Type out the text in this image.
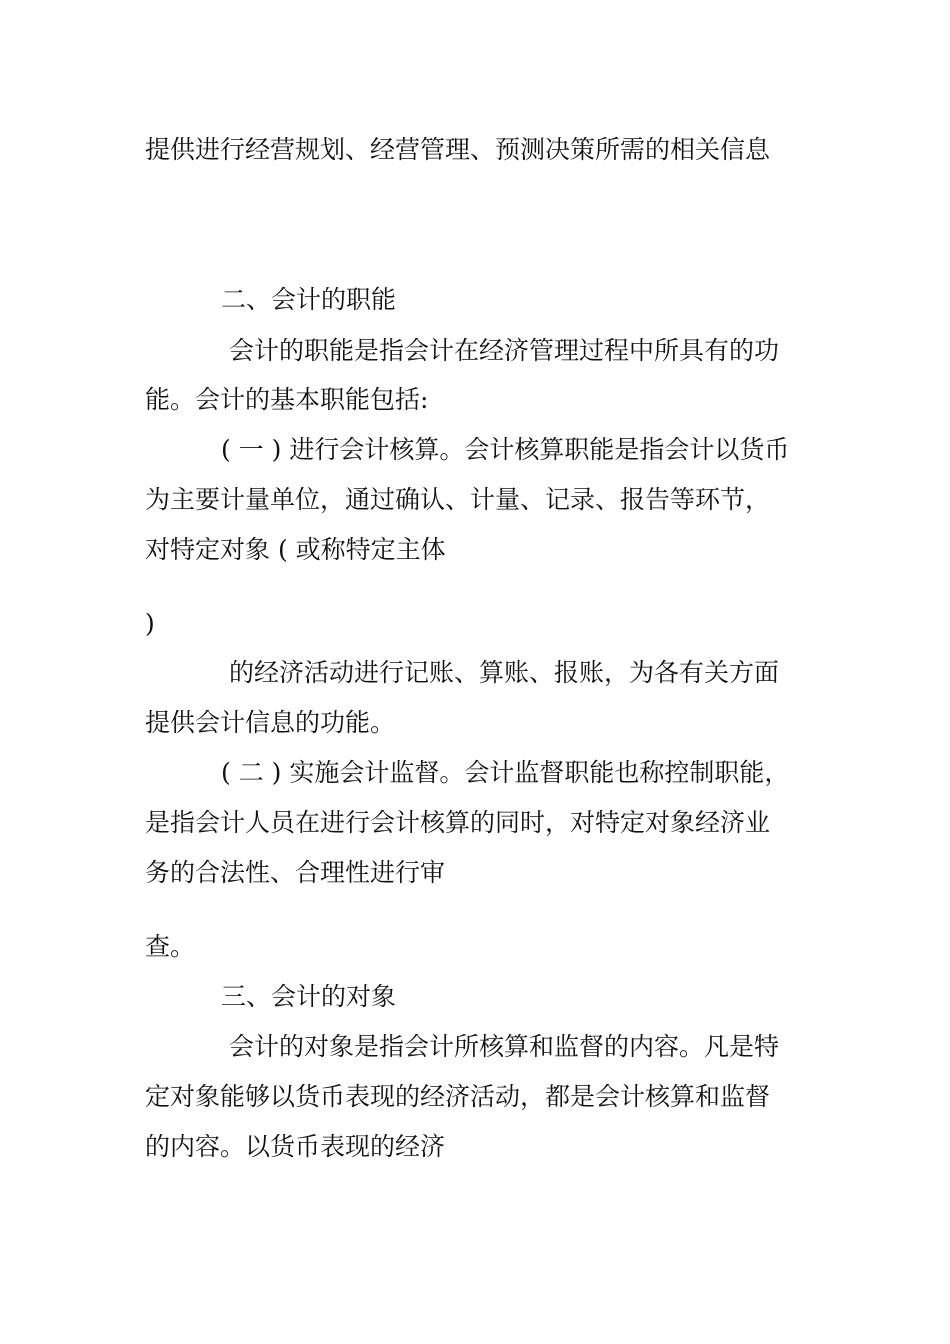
提供进行经营规划、经营管理、预测决策所需的相关信息

二、会计的职能

会计的职能是指会计在经济管理过程中所具有的功

能。会计的基本职能包括:

( 一 ) 进行会计核算。会计核算职能是指会计以货币

为主要计量单位，通过确认、计量、记录、报告等环节，

对特定对象 ( 或称特定主体

)

的经济活动进行记账、算账、报账，为各有关方面

提供会计信息的功能。

( 二 ) 实施会计监督。会计监督职能也称控制职能，

是指会计人员在进行会计核算的同时，对特定对象经济业

务的合法性、合理性进行审

查。

三、会计的对象

会计的对象是指会计所核算和监督的内容。凡是特

定对象能够以货币表现的经济活动，都是会计核算和监督

的内容。以货币表现的经济
